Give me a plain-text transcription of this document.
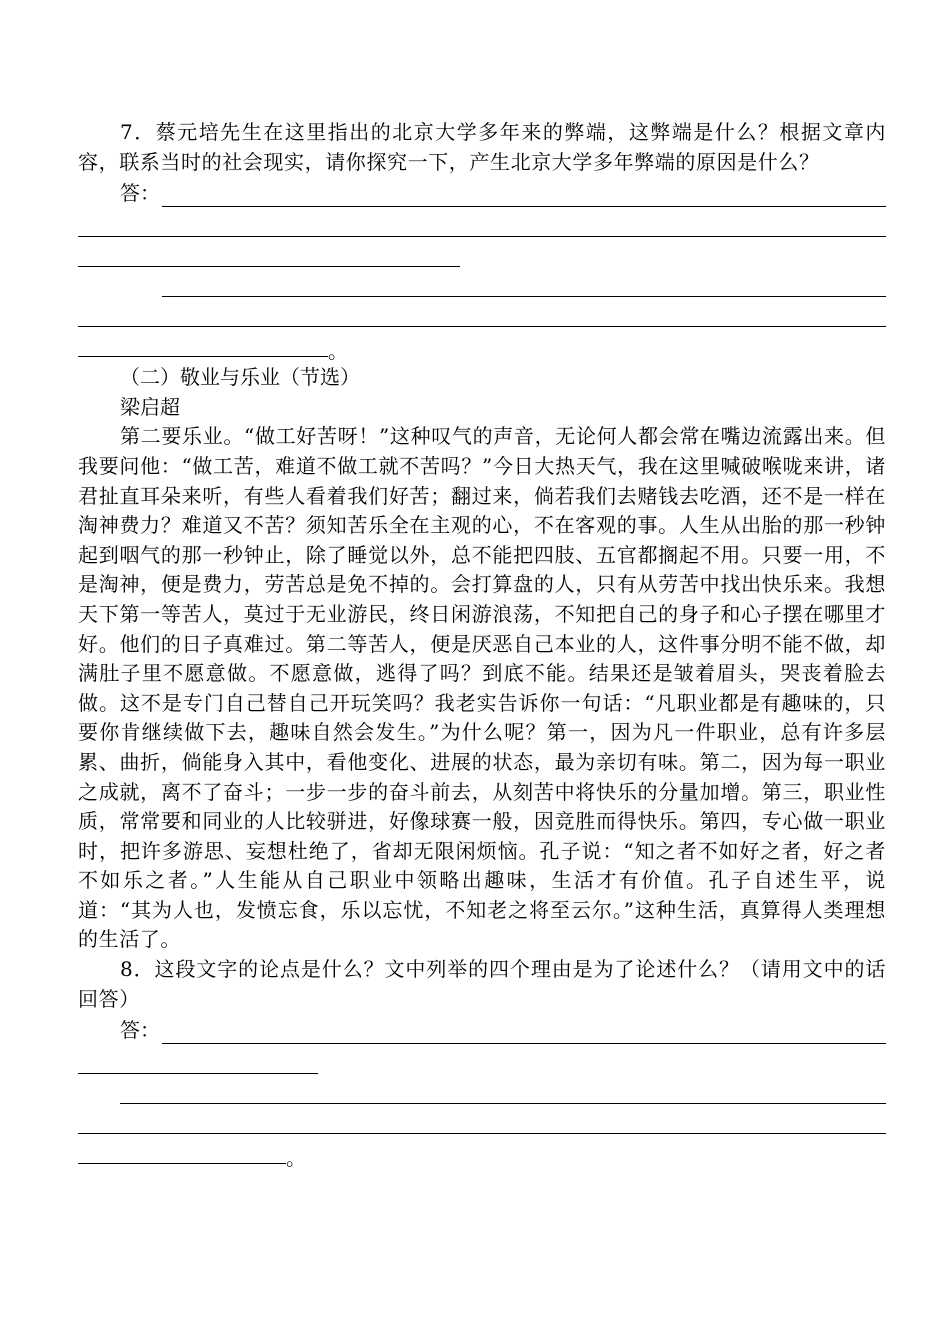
7．蔡元培先生在这里指出的北京大学多年来的弊端，这弊端是什么？根据文章内容，联系当时的社会现实，请你探究一下，产生北京大学多年弊端的原因是什么？

答：
。

（二）敬业与乐业（节选）

梁启超

第二要乐业。“做工好苦呀！”这种叹气的声音，无论何人都会常在嘴边流露出来。但我要问他：“做工苦，难道不做工就不苦吗？”今日大热天气，我在这里喊破喉咙来讲，诸君扯直耳朵来听，有些人看着我们好苦；翻过来，倘若我们去赌钱去吃酒，还不是一样在淘神费力？难道又不苦？须知苦乐全在主观的心，不在客观的事。人生从出胎的那一秒钟起到咽气的那一秒钟止，除了睡觉以外，总不能把四肢、五官都搁起不用。只要一用，不是淘神，便是费力，劳苦总是免不掉的。会打算盘的人，只有从劳苦中找出快乐来。我想天下第一等苦人，莫过于无业游民，终日闲游浪荡，不知把自己的身子和心子摆在哪里才好。他们的日子真难过。第二等苦人，便是厌恶自己本业的人，这件事分明不能不做，却满肚子里不愿意做。不愿意做，逃得了吗？到底不能。结果还是皱着眉头，哭丧着脸去做。这不是专门自己替自己开玩笑吗？我老实告诉你一句话：“凡职业都是有趣味的，只要你肯继续做下去，趣味自然会发生。”为什么呢？第一，因为凡一件职业，总有许多层累、曲折，倘能身入其中，看他变化、进展的状态，最为亲切有味。第二，因为每一职业之成就，离不了奋斗；一步一步的奋斗前去，从刻苦中将快乐的分量加增。第三，职业性质，常常要和同业的人比较骈进，好像球赛一般，因竞胜而得快乐。第四，专心做一职业时，把许多游思、妄想杜绝了，省却无限闲烦恼。孔子说：“知之者不如好之者，好之者不如乐之者。”人生能从自己职业中领略出趣味，生活才有价值。孔子自述生平，说道：“其为人也，发愤忘食，乐以忘忧，不知老之将至云尔。”这种生活，真算得人类理想的生活了。

8．这段文字的论点是什么？文中列举的四个理由是为了论述什么？（请用文中的话回答）

答：
。
